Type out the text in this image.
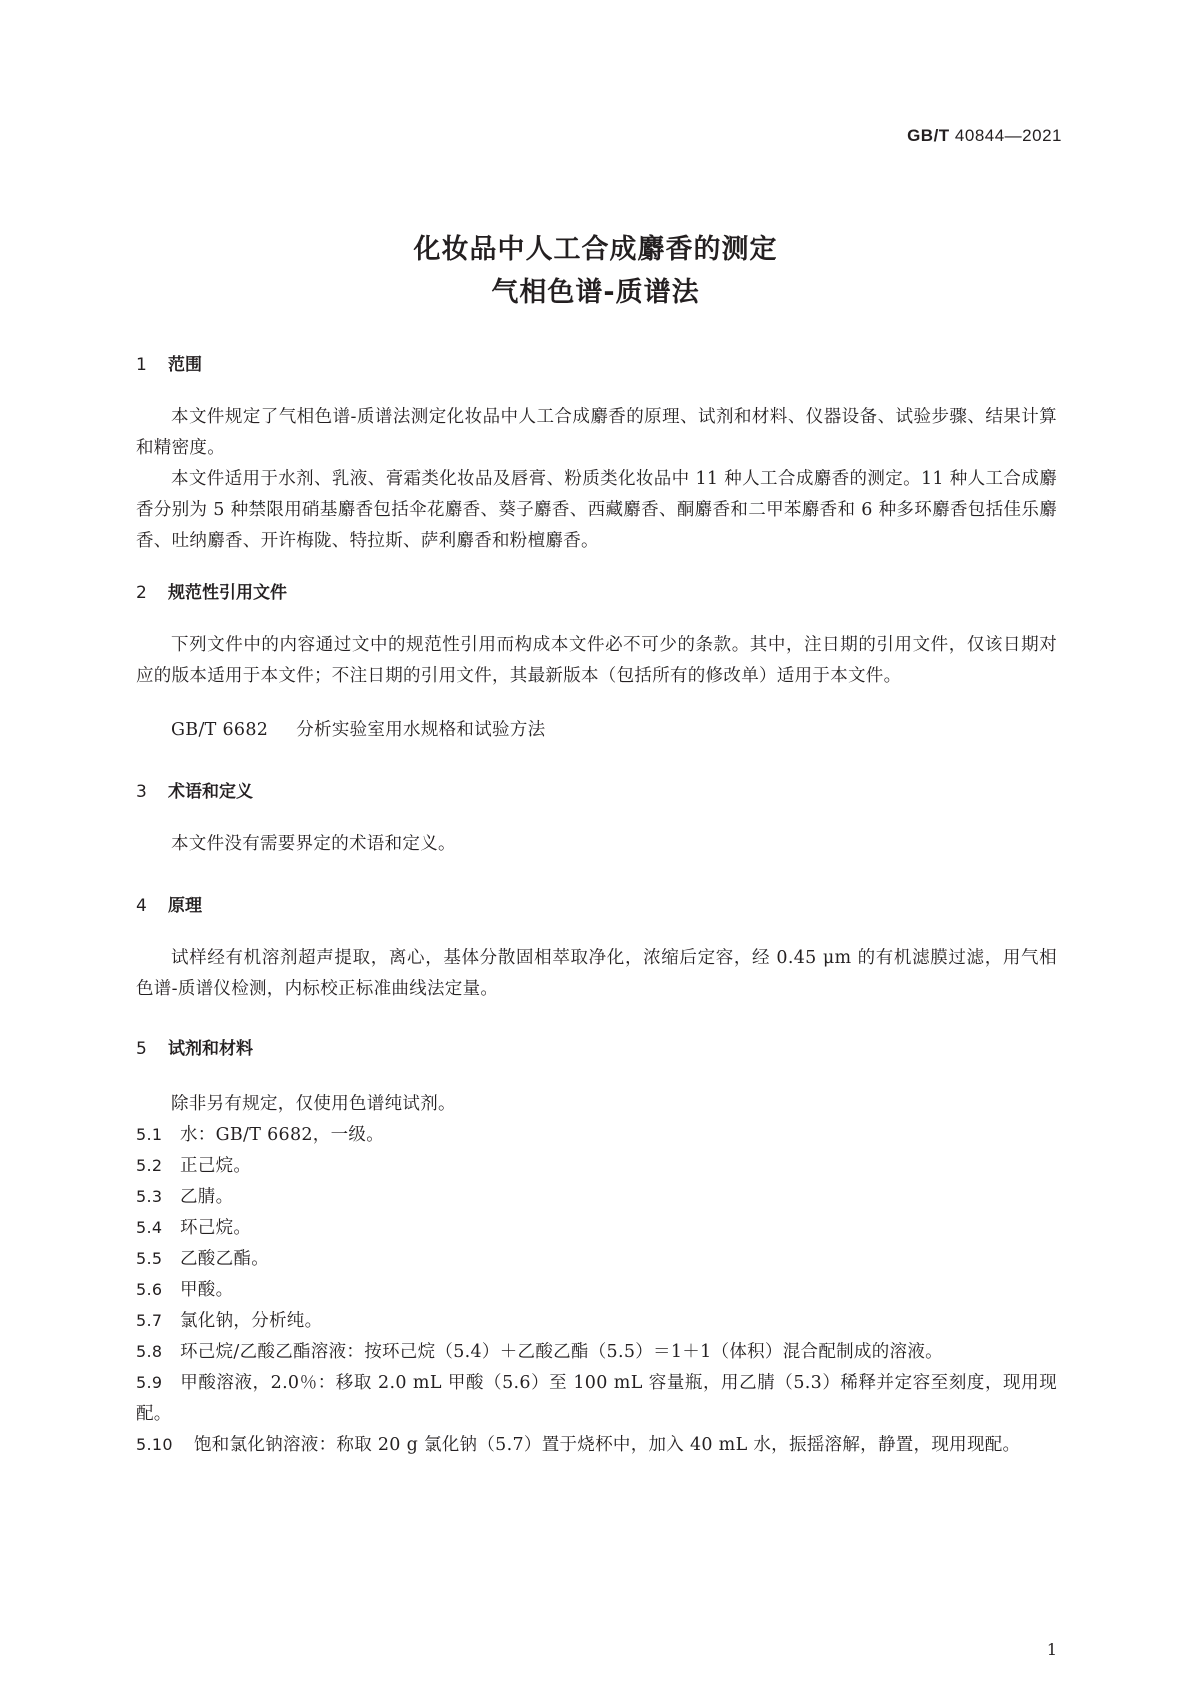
GB/T 40844—2021

化妆品中人工合成麝香的测定

气相色谱-质谱法

1 范围

本文件规定了气相色谱-质谱法测定化妆品中人工合成麝香的原理、试剂和材料、仪器设备、试验步骤、结果计算和精密度。

本文件适用于水剂、乳液、膏霜类化妆品及唇膏、粉质类化妆品中 11 种人工合成麝香的测定。11 种人工合成麝香分别为 5 种禁限用硝基麝香包括伞花麝香、葵子麝香、西藏麝香、酮麝香和二甲苯麝香和 6 种多环麝香包括佳乐麝香、吐纳麝香、开许梅陇、特拉斯、萨利麝香和粉檀麝香。

2 规范性引用文件

下列文件中的内容通过文中的规范性引用而构成本文件必不可少的条款。其中，注日期的引用文件，仅该日期对应的版本适用于本文件；不注日期的引用文件，其最新版本（包括所有的修改单）适用于本文件。

GB/T 6682 分析实验室用水规格和试验方法

3 术语和定义

本文件没有需要界定的术语和定义。

4 原理

试样经有机溶剂超声提取，离心，基体分散固相萃取净化，浓缩后定容，经 0.45 μm 的有机滤膜过滤，用气相色谱-质谱仪检测，内标校正标准曲线法定量。

5 试剂和材料

除非另有规定，仅使用色谱纯试剂。

5.1 水：GB/T 6682，一级。

5.2 正己烷。

5.3 乙腈。

5.4 环己烷。

5.5 乙酸乙酯。

5.6 甲酸。

5.7 氯化钠，分析纯。

5.8 环己烷/乙酸乙酯溶液：按环己烷（5.4）＋乙酸乙酯（5.5）＝1＋1（体积）混合配制成的溶液。

5.9 甲酸溶液，2.0％：移取 2.0 mL 甲酸（5.6）至 100 mL 容量瓶，用乙腈（5.3）稀释并定容至刻度，现用现配。

5.10 饱和氯化钠溶液：称取 20 g 氯化钠（5.7）置于烧杯中，加入 40 mL 水，振摇溶解，静置，现用现配。

1
